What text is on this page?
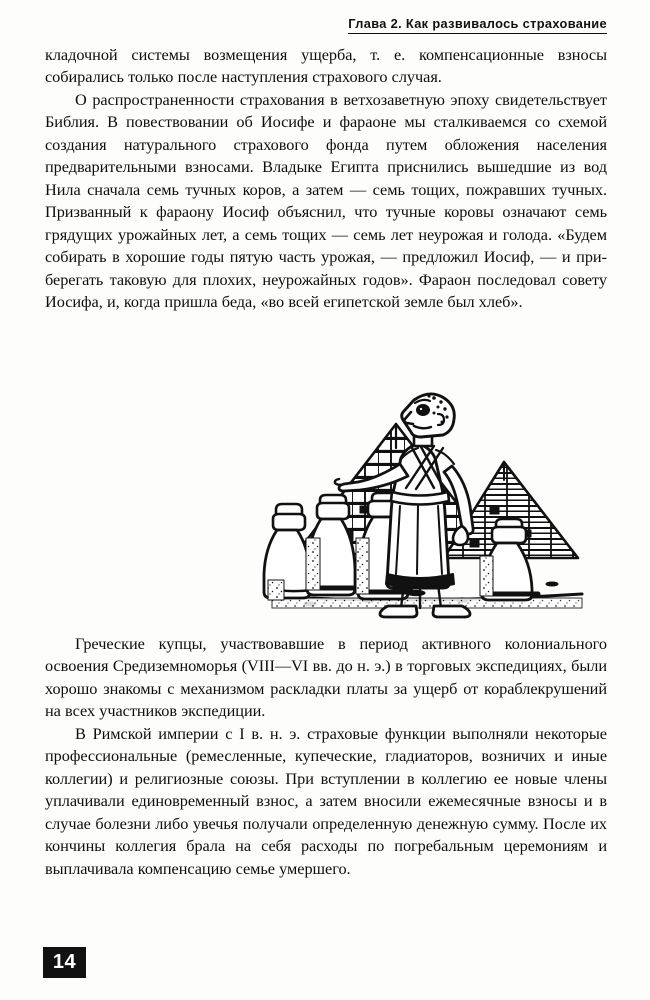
Глава 2. Как развивалось страхование

кладочной системы возмещения ущерба, т. е. компенсационные взносы собирались только после наступления страхового случая.

О распространенности страхования в ветхозаветную эпоху свидетельствует Библия. В повествовании об Иосифе и фараоне мы сталкиваемся со схемой создания натурального страхового фонда путем обложения населения предварительными взносами. Владыке Египта приснились вышедшие из вод Нила сначала семь тучных коров, а затем — семь тощих, пожравших тучных. Призванный к фараону Иосиф объяснил, что тучные коровы означают семь грядущих урожайных лет, а семь тощих — семь лет неурожая и голода. «Будем собирать в хорошие годы пятую часть урожая, — предложил Иосиф, — и приберегать таковую для плохих, неурожайных годов». Фараон последовал совету Иосифа, и, когда пришла беда, «во всей египетской земле был хлеб».

Греческие купцы, участвовавшие в период активного колониального освоения Средиземноморья (VIII—VI вв. до н. э.) в торговых экспедициях, были хорошо знакомы с механизмом раскладки платы за ущерб от кораблекрушений на всех участников экспедиции.

В Римской империи с I в. н. э. страховые функции выполняли некоторые профессиональные (ремесленные, купеческие, гладиаторов, возничих и иные коллегии) и религиозные союзы. При вступлении в коллегию ее новые члены уплачивали единовременный взнос, а затем вносили ежемесячные взносы и в случае болезни либо увечья получали определенную денежную сумму. После их кончины коллегия брала на себя расходы по погребальным церемониям и выплачивала компенсацию семье умершего.

14
